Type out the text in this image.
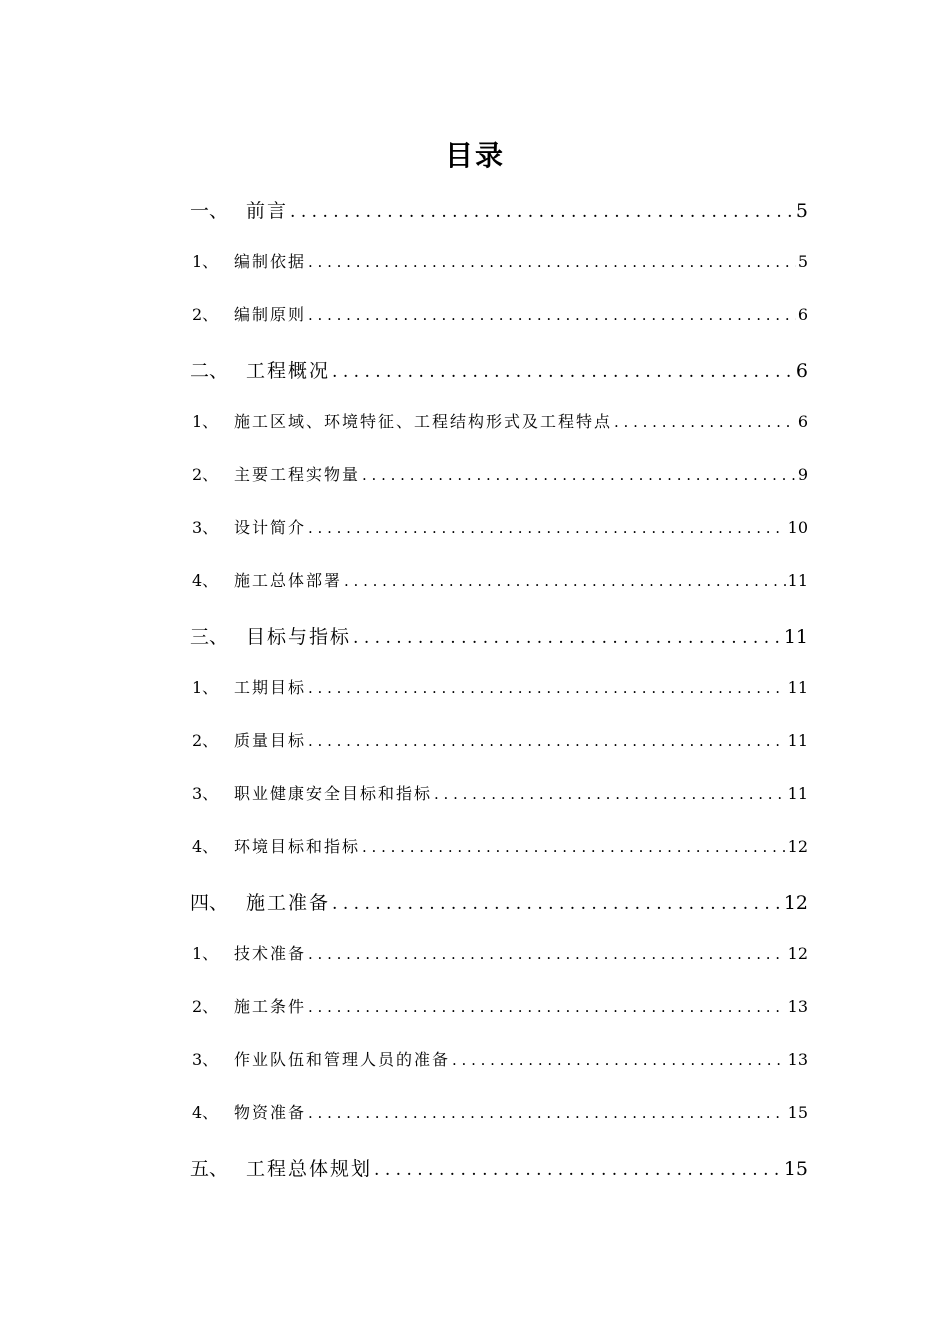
目录
一、 前言 . . .	5
1、 编制依据 . . .	5
2、 编制原则 . . .	6
二、 工程概况 . . .	6
1、 施工区域、环境特征、工程结构形式及工程特点 . . .	6
2、 主要工程实物量 . . .	9
3、 设计简介 . . .	10
4、 施工总体部署 . . .	11
三、 目标与指标 . . .	11
1、 工期目标 . . .	11
2、 质量目标 . . .	11
3、 职业健康安全目标和指标 . . .	11
4、 环境目标和指标 . . .	12
四、 施工准备 . . .	12
1、 技术准备 . . .	12
2、 施工条件 . . .	13
3、 作业队伍和管理人员的准备 . . .	13
4、 物资准备 . . .	15
五、 工程总体规划 . . .	15
